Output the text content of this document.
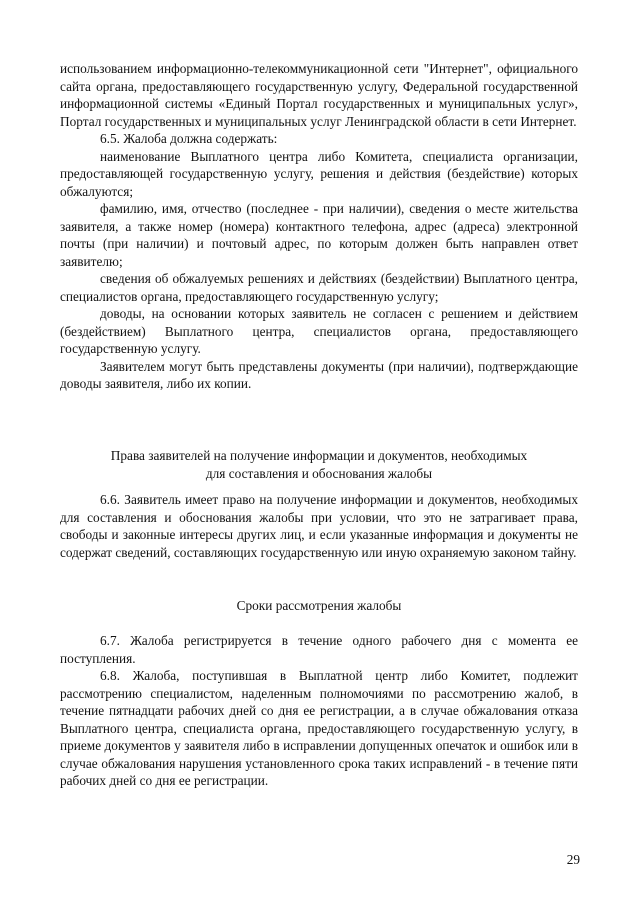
использованием информационно-телекоммуникационной сети "Интернет", официального сайта органа, предоставляющего государственную услугу, Федеральной государственной информационной системы «Единый Портал государственных и муниципальных услуг», Портал государственных и муниципальных услуг Ленинградской области в сети Интернет.

6.5. Жалоба должна содержать:

наименование Выплатного центра либо Комитета, специалиста организации, предоставляющей государственную услугу, решения и действия (бездействие) которых обжалуются;

фамилию, имя, отчество (последнее - при наличии), сведения о месте жительства заявителя, а также номер (номера) контактного телефона, адрес (адреса) электронной почты (при наличии) и почтовый адрес, по которым должен быть направлен ответ заявителю;

сведения об обжалуемых решениях и действиях (бездействии) Выплатного центра, специалистов органа, предоставляющего государственную услугу;

доводы, на основании которых заявитель не согласен с решением и действием (бездействием) Выплатного центра, специалистов органа, предоставляющего государственную услугу.

Заявителем могут быть представлены документы (при наличии), подтверждающие доводы заявителя, либо их копии.

Права заявителей на получение информации и документов, необходимых
для составления и обоснования жалобы

6.6. Заявитель имеет право на получение информации и документов, необходимых для составления и обоснования жалобы при условии, что это не затрагивает права, свободы и законные интересы других лиц, и если указанные информация и документы не содержат сведений, составляющих государственную или иную охраняемую законом тайну.

Сроки рассмотрения жалобы

6.7. Жалоба регистрируется в течение одного рабочего дня с момента ее поступления.

6.8. Жалоба, поступившая в Выплатной центр либо Комитет, подлежит рассмотрению специалистом, наделенным полномочиями по рассмотрению жалоб, в течение пятнадцати рабочих дней со дня ее регистрации, а в случае обжалования отказа Выплатного центра, специалиста органа, предоставляющего государственную услугу, в приеме документов у заявителя либо в исправлении допущенных опечаток и ошибок или в случае обжалования нарушения установленного срока таких исправлений - в течение пяти рабочих дней со дня ее регистрации.

29
